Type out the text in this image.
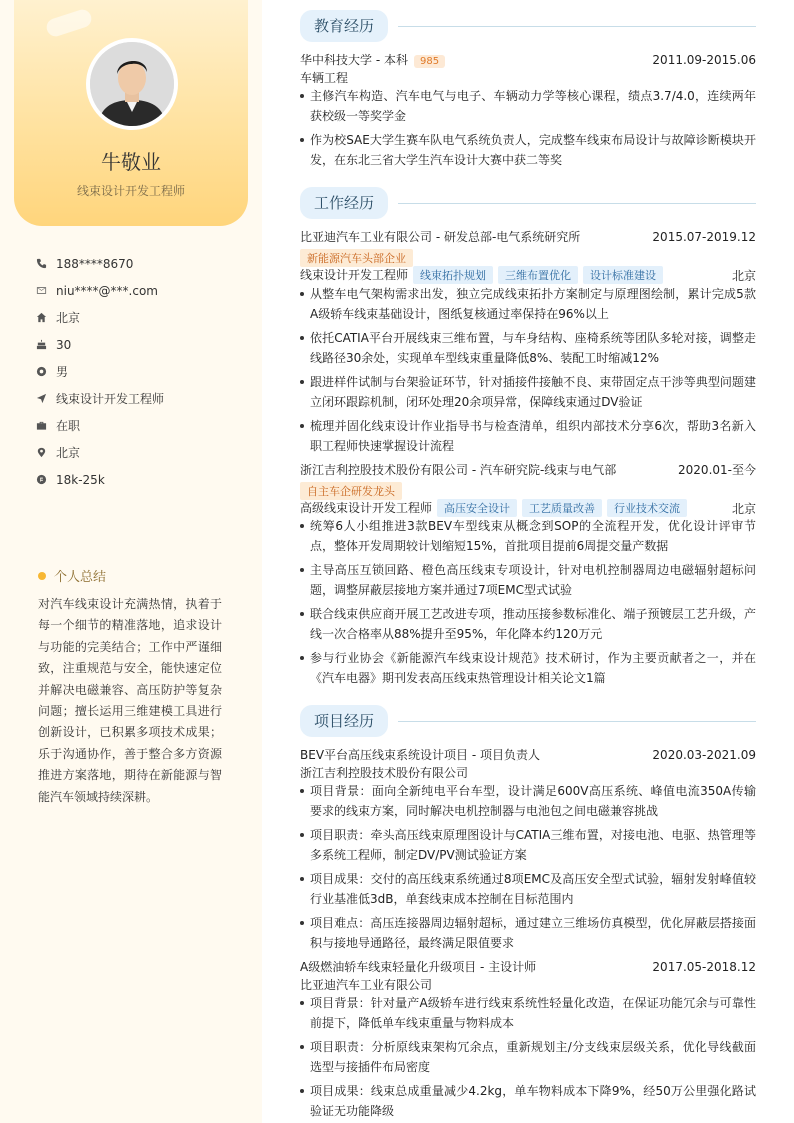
牛敬业
线束设计开发工程师
188****8670
niu****@***.com
北京
30
男
线束设计开发工程师
在职
北京
18k-25k
个人总结
对汽车线束设计充满热情，执着于每一个细节的精准落地，追求设计与功能的完美结合；工作中严谨细致，注重规范与安全，能快速定位并解决电磁兼容、高压防护等复杂问题；擅长运用三维建模工具进行创新设计，已积累多项技术成果；乐于沟通协作，善于整合多方资源推进方案落地，期待在新能源与智能汽车领域持续深耕。
教育经历
华中科技大学 - 本科 985	2011.09-2015.06
车辆工程
主修汽车构造、汽车电气与电子、车辆动力学等核心课程，绩点3.7/4.0，连续两年获校级一等奖学金
作为校SAE大学生赛车队电气系统负责人，完成整车线束布局设计与故障诊断模块开发，在东北三省大学生汽车设计大赛中获二等奖
工作经历
比亚迪汽车工业有限公司 - 研发总部-电气系统研究所	2015.07-2019.12
新能源汽车头部企业
线束设计开发工程师 线束拓扑规划 三维布置优化 设计标准建设	北京
从整车电气架构需求出发，独立完成线束拓扑方案制定与原理图绘制，累计完成5款A级轿车线束基础设计，图纸复核通过率保持在96%以上
依托CATIA平台开展线束三维布置，与车身结构、座椅系统等团队多轮对接，调整走线路径30余处，实现单车型线束重量降低8%、装配工时缩减12%
跟进样件试制与台架验证环节，针对插接件接触不良、束带固定点干涉等典型问题建立闭环跟踪机制，闭环处理20余项异常，保障线束通过DV验证
梳理并固化线束设计作业指导书与检查清单，组织内部技术分享6次，帮助3名新入职工程师快速掌握设计流程
浙江吉利控股技术股份有限公司 - 汽车研究院-线束与电气部	2020.01-至今
自主车企研发龙头
高级线束设计开发工程师 高压安全设计 工艺质量改善 行业技术交流	北京
统筹6人小组推进3款BEV车型线束从概念到SOP的全流程开发，优化设计评审节点，整体开发周期较计划缩短15%，首批项目提前6周提交量产数据
主导高压互锁回路、橙色高压线束专项设计，针对电机控制器周边电磁辐射超标问题，调整屏蔽层接地方案并通过7项EMC型式试验
联合线束供应商开展工艺改进专项，推动压接参数标准化、端子预镀层工艺升级，产线一次合格率从88%提升至95%，年化降本约120万元
参与行业协会《新能源汽车线束设计规范》技术研讨，作为主要贡献者之一，并在《汽车电器》期刊发表高压线束热管理设计相关论文1篇
项目经历
BEV平台高压线束系统设计项目 - 项目负责人	2020.03-2021.09
浙江吉利控股技术股份有限公司
项目背景：面向全新纯电平台车型，设计满足600V高压系统、峰值电流350A传输要求的线束方案，同时解决电机控制器与电池包之间电磁兼容挑战
项目职责：牵头高压线束原理图设计与CATIA三维布置，对接电池、电驱、热管理等多系统工程师，制定DV/PV测试验证方案
项目成果：交付的高压线束系统通过8项EMC及高压安全型式试验，辐射发射峰值较行业基准低3dB，单套线束成本控制在目标范围内
项目难点：高压连接器周边辐射超标，通过建立三维场仿真模型，优化屏蔽层搭接面积与接地导通路径，最终满足限值要求
A级燃油轿车线束轻量化升级项目 - 主设计师	2017.05-2018.12
比亚迪汽车工业有限公司
项目背景：针对量产A级轿车进行线束系统性轻量化改造，在保证功能冗余与可靠性前提下，降低单车线束重量与物料成本
项目职责：分析原线束架构冗余点，重新规划主/分支线束层级关系，优化导线截面选型与接插件布局密度
项目成果：线束总成重量减少4.2kg，单车物料成本下降9%，经50万公里强化路试验证无功能降级
